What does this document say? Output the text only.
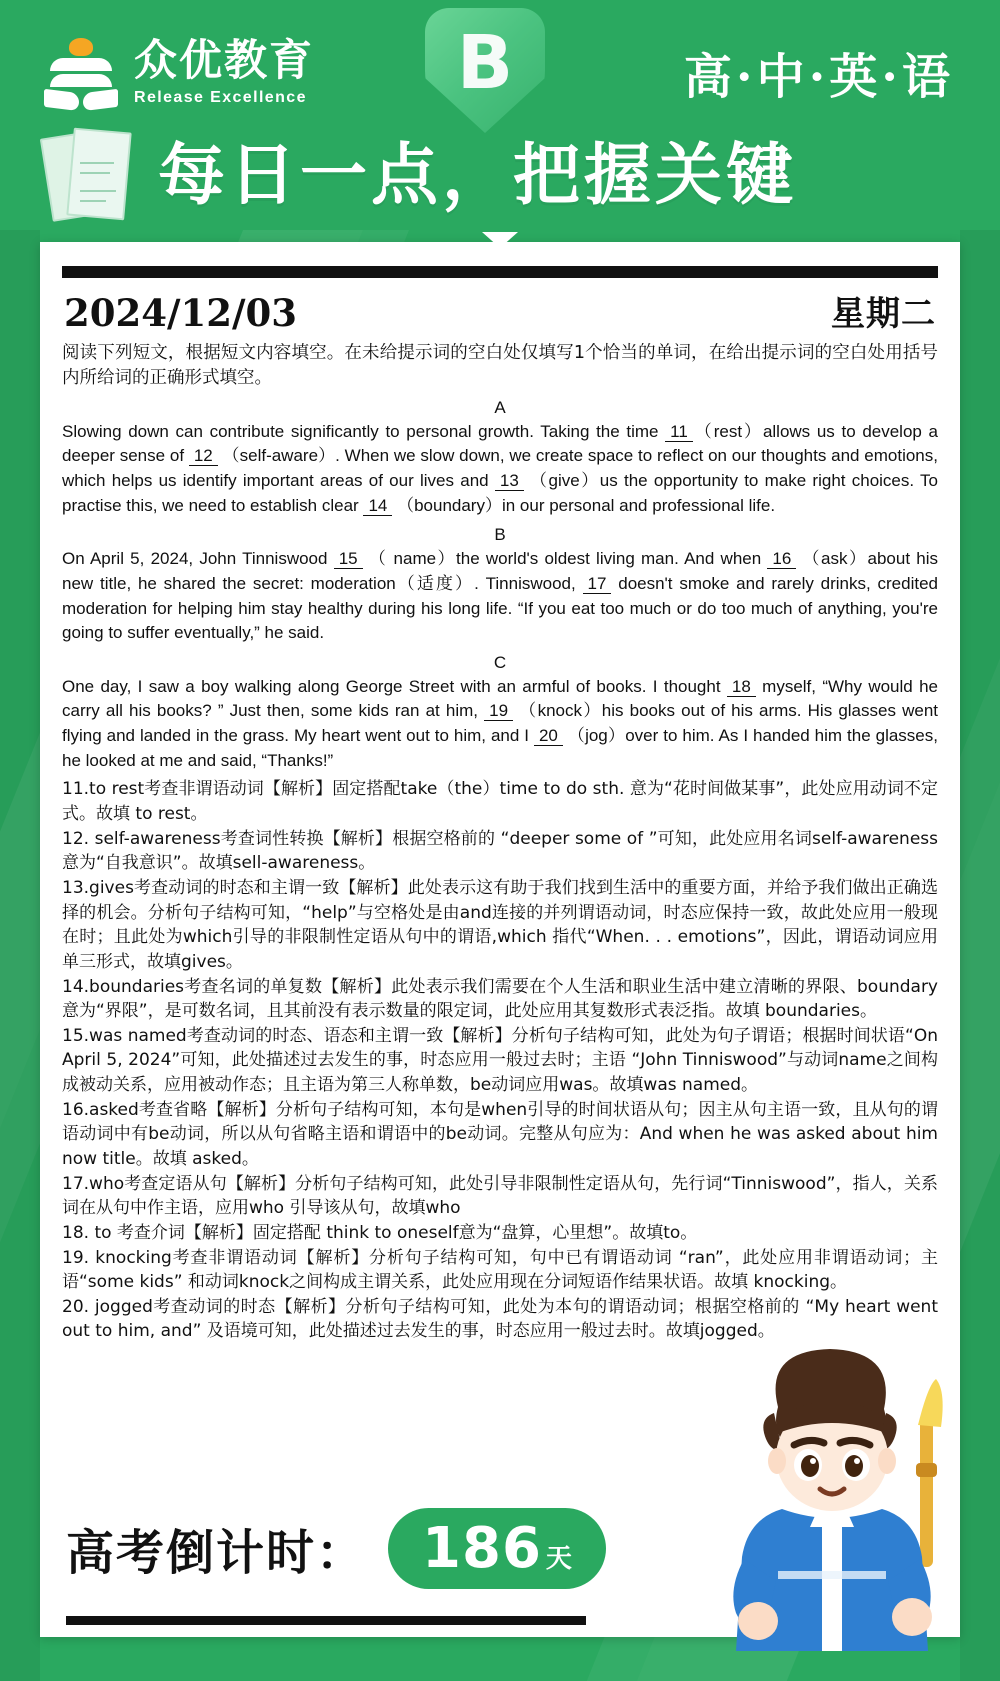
众优教育
Release Excellence	B	高·中·英·语
每日一点，把握关键
2024/12/03	星期二
阅读下列短文，根据短文内容填空。在未给提示词的空白处仅填写1个恰当的单词，在给出提示词的空白处用括号内所给词的正确形式填空。
A
Slowing down can contribute significantly to personal growth. Taking the time 11 （rest）allows us to develop a deeper sense of 12 （self-aware）. When we slow down, we create space to reflect on our thoughts and emotions, which helps us identify important areas of our lives and 13 （give）us the opportunity to make right choices. To practise this, we need to establish clear 14 （boundary）in our personal and professional life.
B
On April 5, 2024, John Tinniswood 15 （ name）the world's oldest living man. And when 16 （ask）about his new title, he shared the secret: moderation（适度）. Tinniswood, 17 doesn't smoke and rarely drinks, credited moderation for helping him stay healthy during his long life. “If you eat too much or do too much of anything, you're going to suffer eventually,” he said.
C
One day, I saw a boy walking along George Street with an armful of books. I thought 18 myself, “Why would he carry all his books? ” Just then, some kids ran at him, 19 （knock）his books out of his arms. His glasses went flying and landed in the grass. My heart went out to him, and I 20 （jog）over to him. As I handed him the glasses, he looked at me and said, “Thanks!”

11.to rest考查非谓语动词【解析】固定搭配take（the）time to do sth. 意为“花时间做某事”，此处应用动词不定式。故填 to rest。

12. self-awareness考查词性转换【解析】根据空格前的 “deeper some of ”可知，此处应用名词self-awareness意为“自我意识”。故填sell-awareness。

13.gives考查动词的时态和主谓一致【解析】此处表示这有助于我们找到生活中的重要方面，并给予我们做出正确选择的机会。分析句子结构可知，“help”与空格处是由and连接的并列谓语动词，时态应保持一致，故此处应用一般现在时；且此处为which引导的非限制性定语从句中的谓语,which 指代“When. . . emotions”，因此，谓语动词应用单三形式，故填gives。

14.boundaries考查名词的单复数【解析】此处表示我们需要在个人生活和职业生活中建立清晰的界限、boundary 意为“界限”，是可数名词，且其前没有表示数量的限定词，此处应用其复数形式表泛指。故填 boundaries。

15.was named考查动词的时态、语态和主谓一致【解析】分析句子结构可知，此处为句子谓语；根据时间状语“On April 5, 2024”可知，此处描述过去发生的事，时态应用一般过去时；主语 “John Tinniswood”与动词name之间构成被动关系，应用被动作态；且主语为第三人称单数，be动词应用was。故填was named。

16.asked考查省略【解析】分析句子结构可知，本句是when引导的时间状语从句；因主从句主语一致，且从句的谓语动词中有be动词，所以从句省略主语和谓语中的be动词。完整从句应为：And when he was asked about him now title。故填 asked。

17.who考查定语从句【解析】分析句子结构可知，此处引导非限制性定语从句，先行词“Tinniswood”，指人，关系词在从句中作主语，应用who 引导该从句，故填who

18. to 考查介词【解析】固定搭配 think to oneself意为“盘算，心里想”。故填to。

19. knocking考查非谓语动词【解析】分析句子结构可知，句中已有谓语动词 “ran”，此处应用非谓语动词；主语“some kids” 和动词knock之间构成主谓关系，此处应用现在分词短语作结果状语。故填 knocking。

20. jogged考查动词的时态【解析】分析句子结构可知，此处为本句的谓语动词；根据空格前的 “My heart went out to him, and” 及语境可知，此处描述过去发生的事，时态应用一般过去时。故填jogged。

高考倒计时： 186 天
